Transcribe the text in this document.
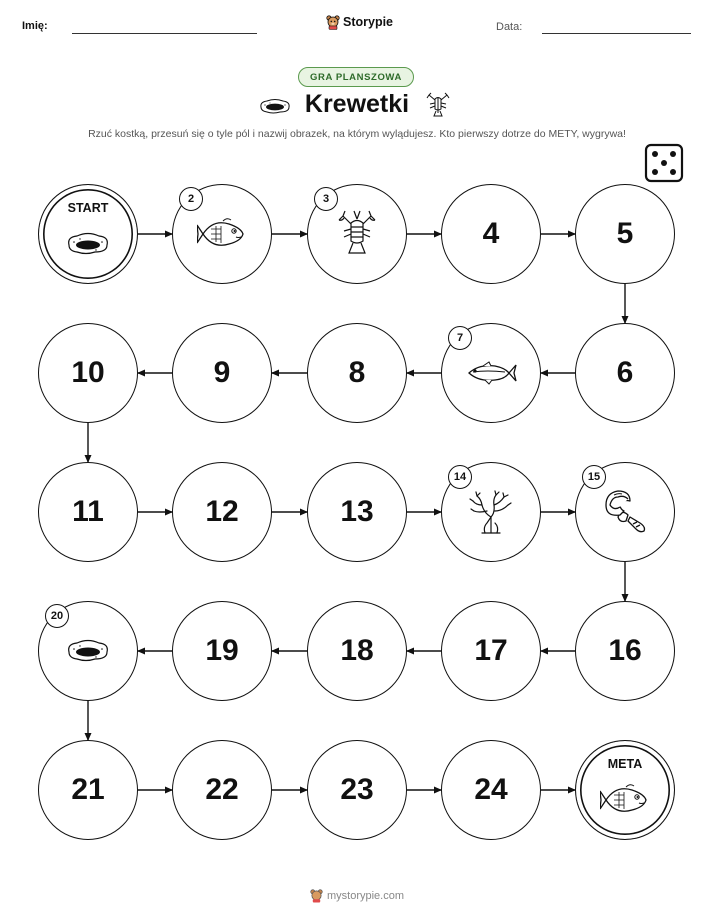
Imię:	Storypie	Data:
GRA PLANSZOWA
Krewetki
Rzuć kostką, przesuń się o tyle pól i nazwij obrazek, na którym wylądujesz. Kto pierwszy dotrze do METY, wygrywa!
START
2	3
4	5
6
7
8
9
10
11	12	13
14	15
16
17
18
19
20
21	22	23	24
META
mystorypie.com
